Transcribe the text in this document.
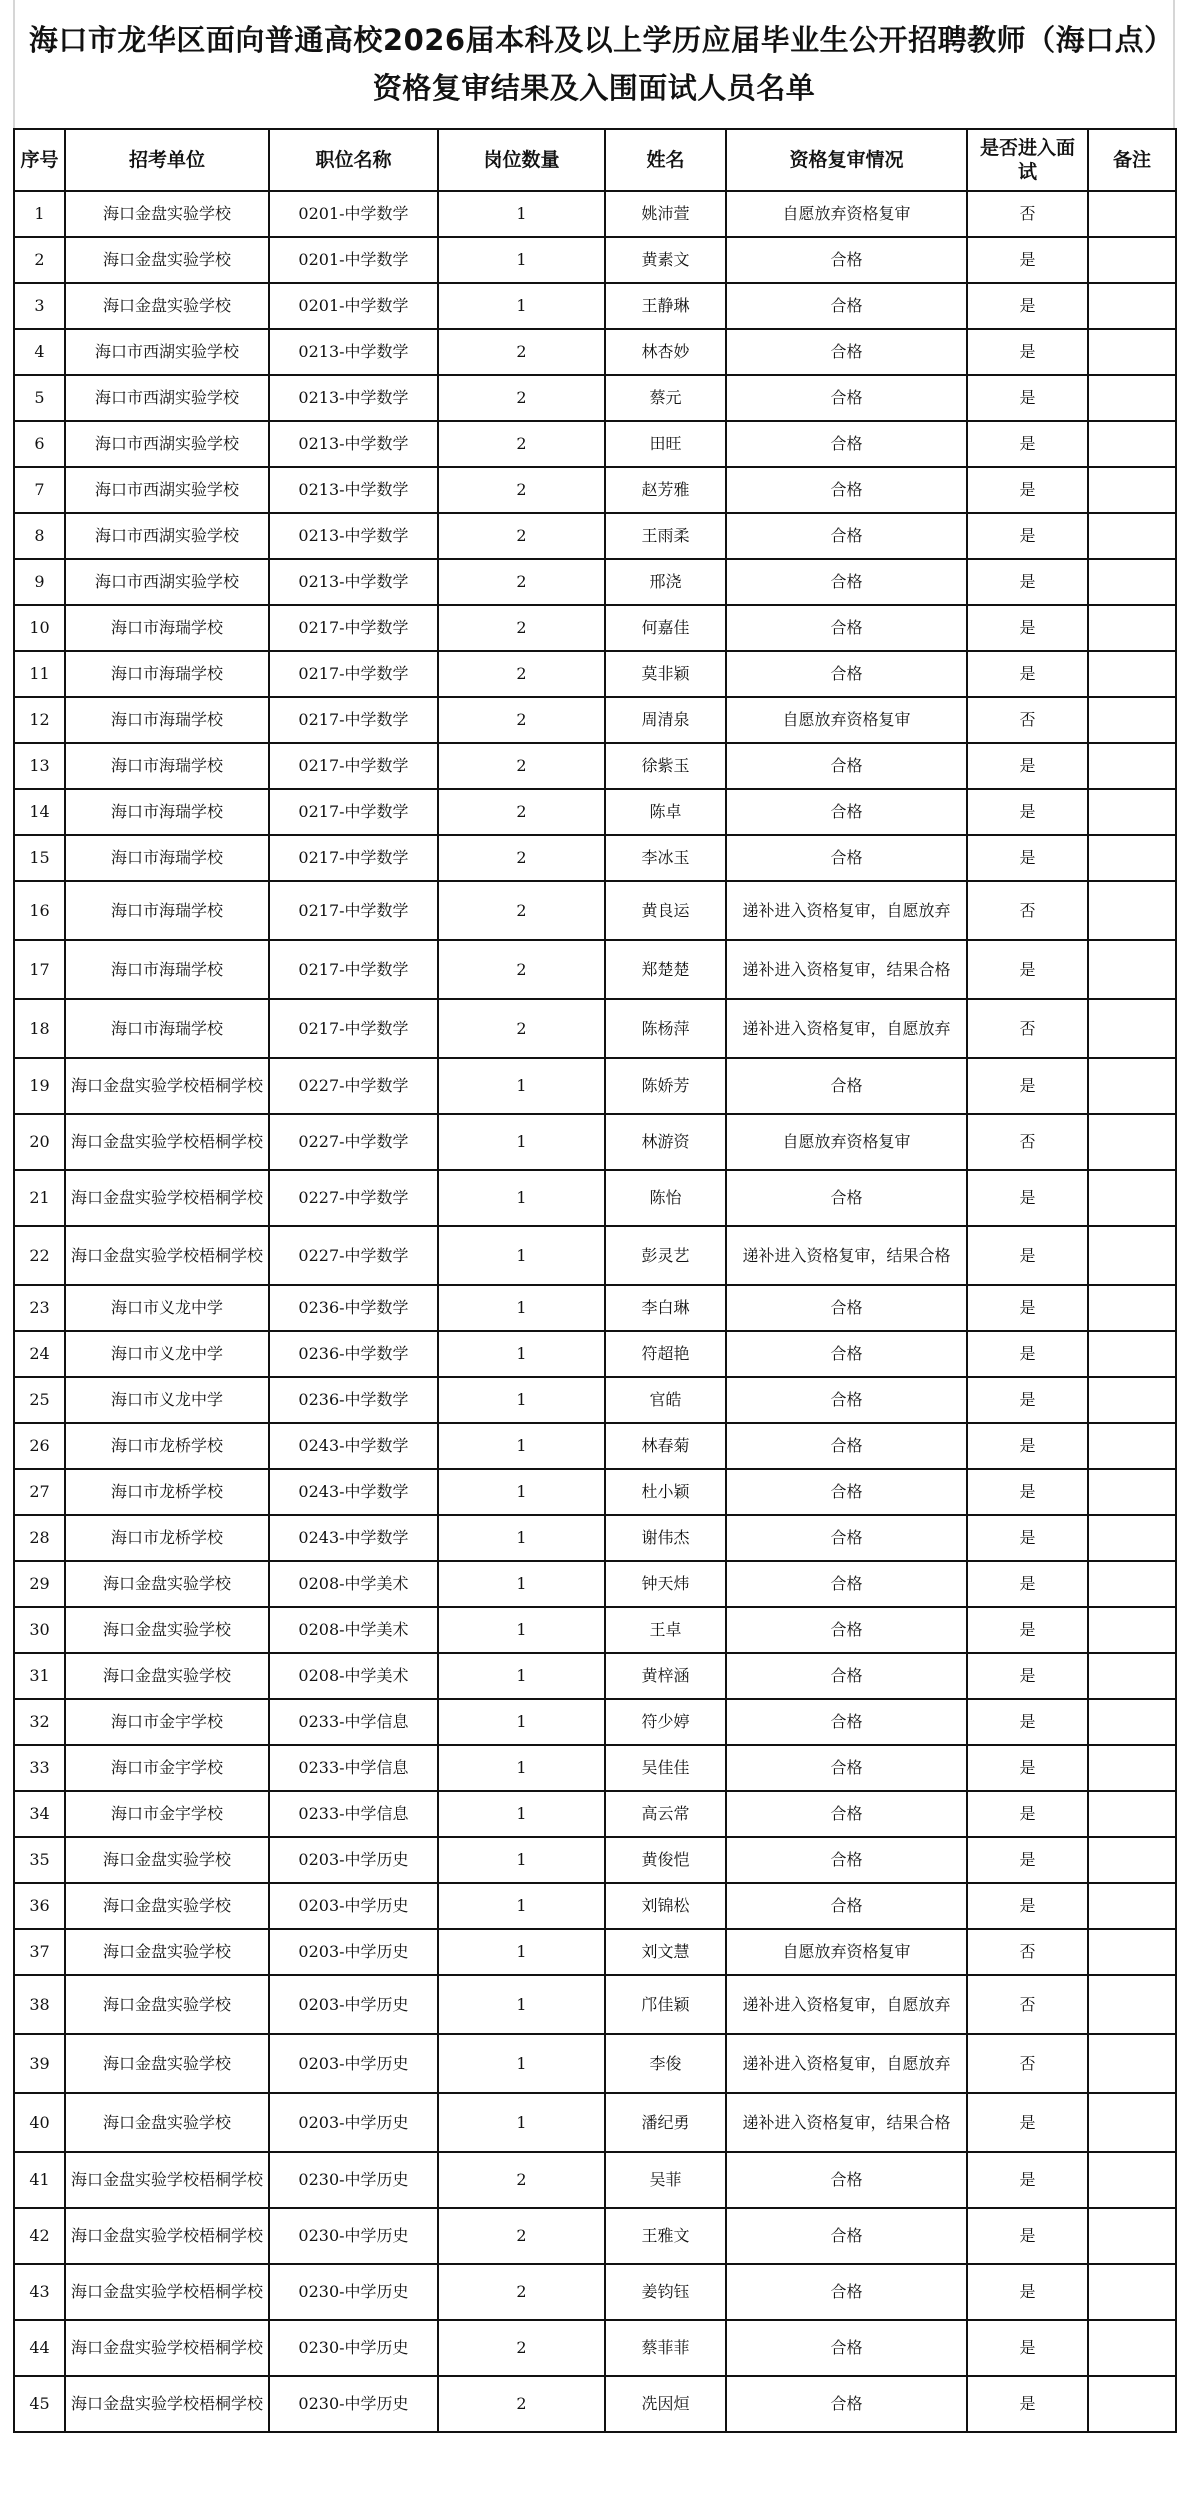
海口市龙华区面向普通高校2026届本科及以上学历应届毕业生公开招聘教师（海口点）资格复审结果及入围面试人员名单
序号	招考单位	职位名称	岗位数量	姓名	资格复审情况	是否进入面试	备注
1	海口金盘实验学校	0201-中学数学	1	姚沛萱	自愿放弃资格复审	否	
2	海口金盘实验学校	0201-中学数学	1	黄素文	合格	是	
3	海口金盘实验学校	0201-中学数学	1	王静琳	合格	是	
4	海口市西湖实验学校	0213-中学数学	2	林杏妙	合格	是	
5	海口市西湖实验学校	0213-中学数学	2	蔡元	合格	是	
6	海口市西湖实验学校	0213-中学数学	2	田旺	合格	是	
7	海口市西湖实验学校	0213-中学数学	2	赵芳雅	合格	是	
8	海口市西湖实验学校	0213-中学数学	2	王雨柔	合格	是	
9	海口市西湖实验学校	0213-中学数学	2	邢浇	合格	是	
10	海口市海瑞学校	0217-中学数学	2	何嘉佳	合格	是	
11	海口市海瑞学校	0217-中学数学	2	莫非颖	合格	是	
12	海口市海瑞学校	0217-中学数学	2	周清泉	自愿放弃资格复审	否	
13	海口市海瑞学校	0217-中学数学	2	徐紫玉	合格	是	
14	海口市海瑞学校	0217-中学数学	2	陈卓	合格	是	
15	海口市海瑞学校	0217-中学数学	2	李冰玉	合格	是	
16	海口市海瑞学校	0217-中学数学	2	黄良运	递补进入资格复审，自愿放弃	否	
17	海口市海瑞学校	0217-中学数学	2	郑楚楚	递补进入资格复审，结果合格	是	
18	海口市海瑞学校	0217-中学数学	2	陈杨萍	递补进入资格复审，自愿放弃	否	
19	海口金盘实验学校梧桐学校	0227-中学数学	1	陈娇芳	合格	是	
20	海口金盘实验学校梧桐学校	0227-中学数学	1	林游资	自愿放弃资格复审	否	
21	海口金盘实验学校梧桐学校	0227-中学数学	1	陈怡	合格	是	
22	海口金盘实验学校梧桐学校	0227-中学数学	1	彭灵艺	递补进入资格复审，结果合格	是	
23	海口市义龙中学	0236-中学数学	1	李白琳	合格	是	
24	海口市义龙中学	0236-中学数学	1	符超艳	合格	是	
25	海口市义龙中学	0236-中学数学	1	官皓	合格	是	
26	海口市龙桥学校	0243-中学数学	1	林春菊	合格	是	
27	海口市龙桥学校	0243-中学数学	1	杜小颖	合格	是	
28	海口市龙桥学校	0243-中学数学	1	谢伟杰	合格	是	
29	海口金盘实验学校	0208-中学美术	1	钟天炜	合格	是	
30	海口金盘实验学校	0208-中学美术	1	王卓	合格	是	
31	海口金盘实验学校	0208-中学美术	1	黄梓涵	合格	是	
32	海口市金宇学校	0233-中学信息	1	符少婷	合格	是	
33	海口市金宇学校	0233-中学信息	1	吴佳佳	合格	是	
34	海口市金宇学校	0233-中学信息	1	高云常	合格	是	
35	海口金盘实验学校	0203-中学历史	1	黄俊恺	合格	是	
36	海口金盘实验学校	0203-中学历史	1	刘锦松	合格	是	
37	海口金盘实验学校	0203-中学历史	1	刘文慧	自愿放弃资格复审	否	
38	海口金盘实验学校	0203-中学历史	1	邝佳颖	递补进入资格复审，自愿放弃	否	
39	海口金盘实验学校	0203-中学历史	1	李俊	递补进入资格复审，自愿放弃	否	
40	海口金盘实验学校	0203-中学历史	1	潘纪勇	递补进入资格复审，结果合格	是	
41	海口金盘实验学校梧桐学校	0230-中学历史	2	吴菲	合格	是	
42	海口金盘实验学校梧桐学校	0230-中学历史	2	王雅文	合格	是	
43	海口金盘实验学校梧桐学校	0230-中学历史	2	姜钧钰	合格	是	
44	海口金盘实验学校梧桐学校	0230-中学历史	2	蔡菲菲	合格	是	
45	海口金盘实验学校梧桐学校	0230-中学历史	2	冼因烜	合格	是	
